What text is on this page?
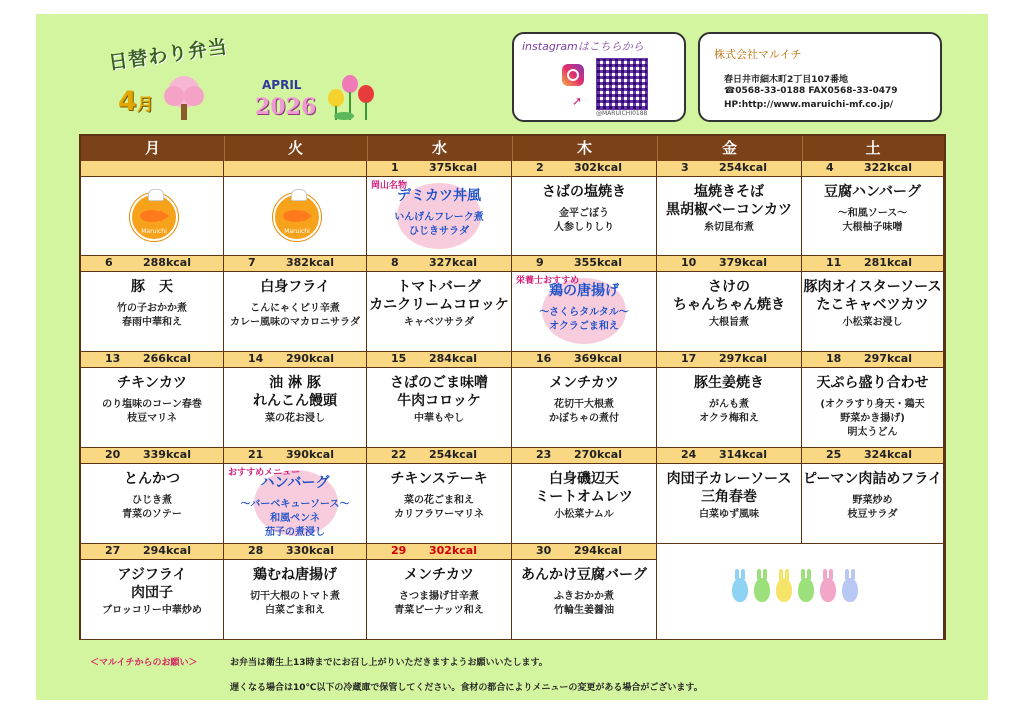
日替わり弁当
4月
APRIL
2026
instagramはこちらから
➚
@MARUICHI0188
株式会社マルイチ
春日井市細木町2丁目107番地
☎0568-33-0188 FAX0568-33-0479
HP:http://www.maruichi-mf.co.jp/
月	火	水	木	金	土
Maruichi	Maruichi
1	375kcal
岡山名物
デミカツ丼風
いんげんフレーク煮
ひじきサラダ
2	302kcal
さばの塩焼き
金平ごぼう
人参しりしり
3	254kcal
塩焼きそば
黒胡椒ベーコンカツ
糸切昆布煮
4	322kcal
豆腐ハンバーグ
～和風ソース～
大根柚子味噌
6	288kcal
豚　天
竹の子おかか煮
春雨中華和え
7	382kcal
白身フライ
こんにゃくピリ辛煮
カレー風味のマカロニサラダ
8	327kcal
トマトバーグ
カニクリームコロッケ
キャベツサラダ
9	355kcal
栄養士おすすめ
鶏の唐揚げ
～さくらタルタル～
オクラごま和え
10 379kcal
さけの
ちゃんちゃん焼き
大根旨煮
11 281kcal
豚肉オイスターソース
たこキャベツカツ
小松菜お浸し
13 266kcal
チキンカツ
のり塩味のコーン春巻
枝豆マリネ
14 290kcal
油 淋 豚
れんこん饅頭
菜の花お浸し
15 284kcal
さばのごま味噌
牛肉コロッケ
中華もやし
16 369kcal
メンチカツ
花切干大根煮
かぼちゃの煮付
17 297kcal
豚生姜焼き
がんも煮
オクラ梅和え
18 297kcal
天ぷら盛り合わせ
(オクラすり身天・鶏天
野菜かき揚げ)
明太うどん
20 339kcal
とんかつ
ひじき煮
青菜のソテー
21 390kcal
おすすめメニュー
ハンバーグ
～バーベキューソース～
和風ペンネ
茄子の煮浸し
22 254kcal
チキンステーキ
菜の花ごま和え
カリフラワーマリネ
23 270kcal
白身磯辺天
ミートオムレツ
小松菜ナムル
24 314kcal
肉団子カレーソース
三角春巻
白菜ゆず風味
25 324kcal
ピーマン肉詰めフライ
野菜炒め
枝豆サラダ
27 294kcal
アジフライ
肉団子
ブロッコリー中華炒め
28 330kcal
鶏むね唐揚げ
切干大根のトマト煮
白菜ごま和え
29 302kcal
メンチカツ
さつま揚げ甘辛煮
青菜ピーナッツ和え
30 294kcal
あんかけ豆腐バーグ
ふきおかか煮
竹輪生姜醤油
＜マルイチからのお願い＞	お弁当は衛生上13時までにお召し上がりいただきますようお願いいたします。
遅くなる場合は10℃以下の冷蔵庫で保管してください。食材の都合によりメニューの変更がある場合がございます。
